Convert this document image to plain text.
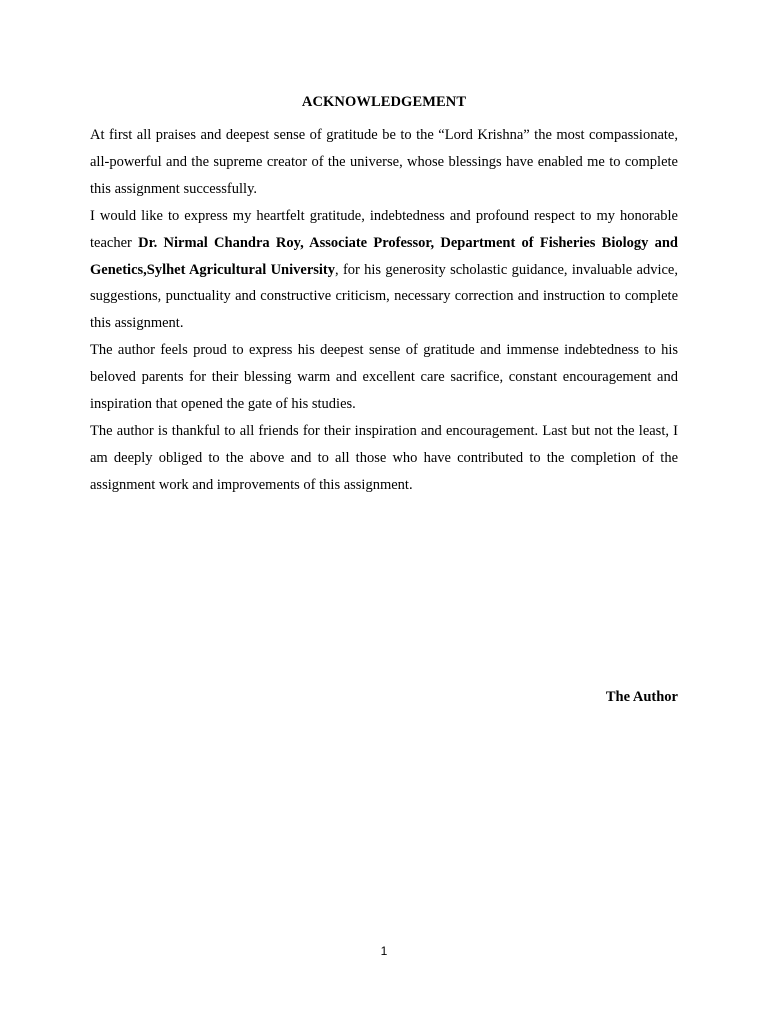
ACKNOWLEDGEMENT

At first all praises and deepest sense of gratitude be to the “Lord Krishna” the most compassionate, all-powerful and the supreme creator of the universe, whose blessings have enabled me to complete this assignment successfully.

I would like to express my heartfelt gratitude, indebtedness and profound respect to my honorable teacher Dr. Nirmal Chandra Roy, Associate Professor, Department of Fisheries Biology and Genetics,Sylhet Agricultural University, for his generosity scholastic guidance, invaluable advice, suggestions, punctuality and constructive criticism, necessary correction and instruction to complete this assignment.

The author feels proud to express his deepest sense of gratitude and immense indebtedness to his beloved parents for their blessing warm and excellent care sacrifice, constant encouragement and inspiration that opened the gate of his studies.

The author is thankful to all friends for their inspiration and encouragement. Last but not the least, I am deeply obliged to the above and to all those who have contributed to the completion of the assignment work and improvements of this assignment.

The Author
1
